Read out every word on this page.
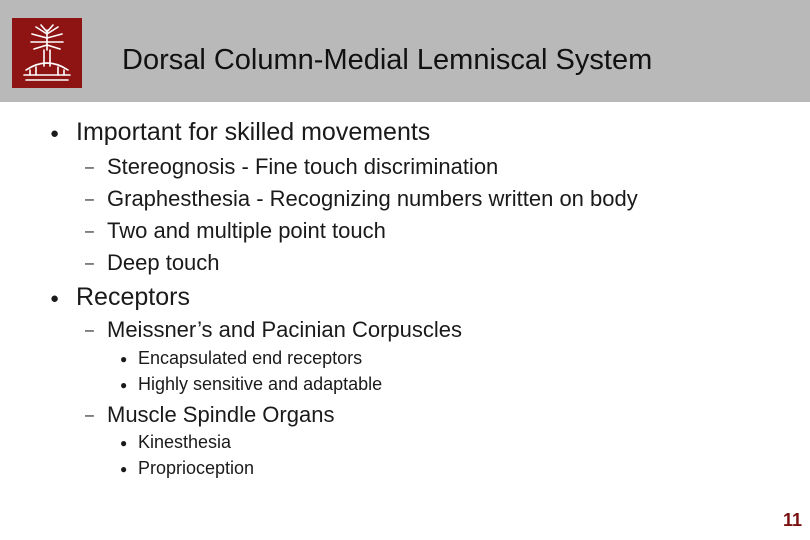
Dorsal Column-Medial Lemniscal System
● Important for skilled movements
– Stereognosis - Fine touch discrimination
– Graphesthesia - Recognizing numbers written on body
– Two and multiple point touch
– Deep touch
● Receptors
– Meissner’s and Pacinian Corpuscles
● Encapsulated end receptors
● Highly sensitive and adaptable
– Muscle Spindle Organs
● Kinesthesia
● Proprioception
11
